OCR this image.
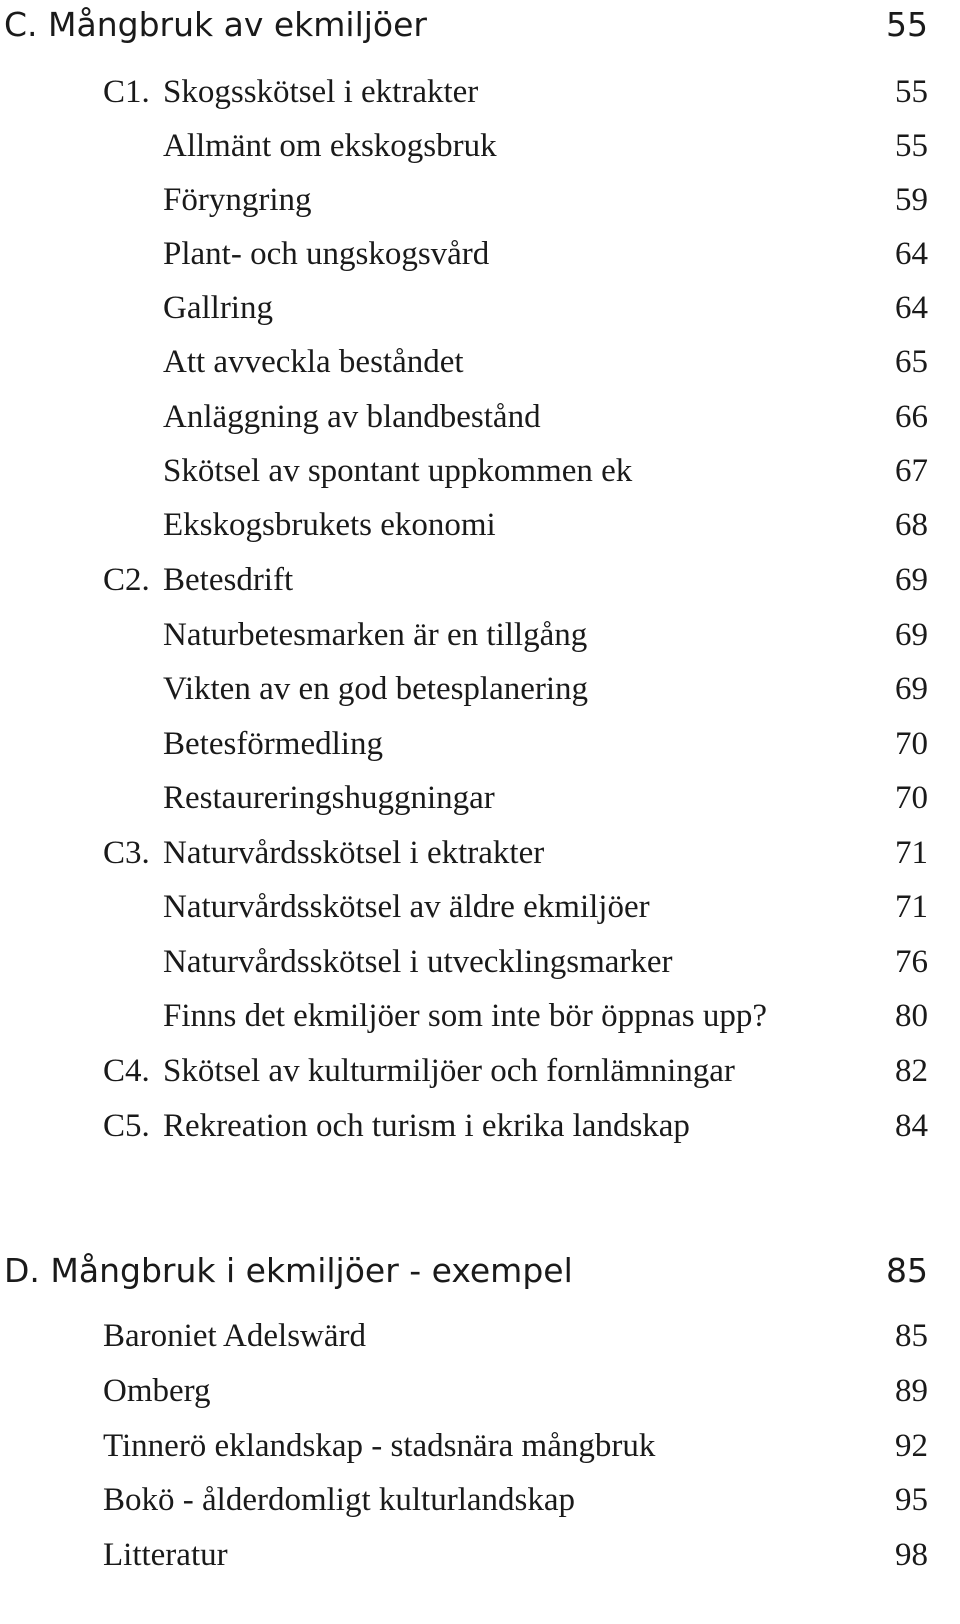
C. Mångbruk av ekmiljöer	55
C1. Skogsskötsel i ektrakter	55
Allmänt om ekskogsbruk	55
Föryngring	59
Plant- och ungskogsvård	64
Gallring	64
Att avveckla beståndet	65
Anläggning av blandbestånd	66
Skötsel av spontant uppkommen ek	67
Ekskogsbrukets ekonomi	68
C2. Betesdrift	69
Naturbetesmarken är en tillgång	69
Vikten av en god betesplanering	69
Betesförmedling	70
Restaureringshuggningar	70
C3. Naturvårdsskötsel i ektrakter	71
Naturvårdsskötsel av äldre ekmiljöer	71
Naturvårdsskötsel i utvecklingsmarker	76
Finns det ekmiljöer som inte bör öppnas upp?	80
C4. Skötsel av kulturmiljöer och fornlämningar	82
C5. Rekreation och turism i ekrika landskap	84
D. Mångbruk i ekmiljöer - exempel	85
Baroniet Adelswärd	85
Omberg	89
Tinnerö eklandskap - stadsnära mångbruk	92
Bokö - ålderdomligt kulturlandskap	95
Litteratur	98
